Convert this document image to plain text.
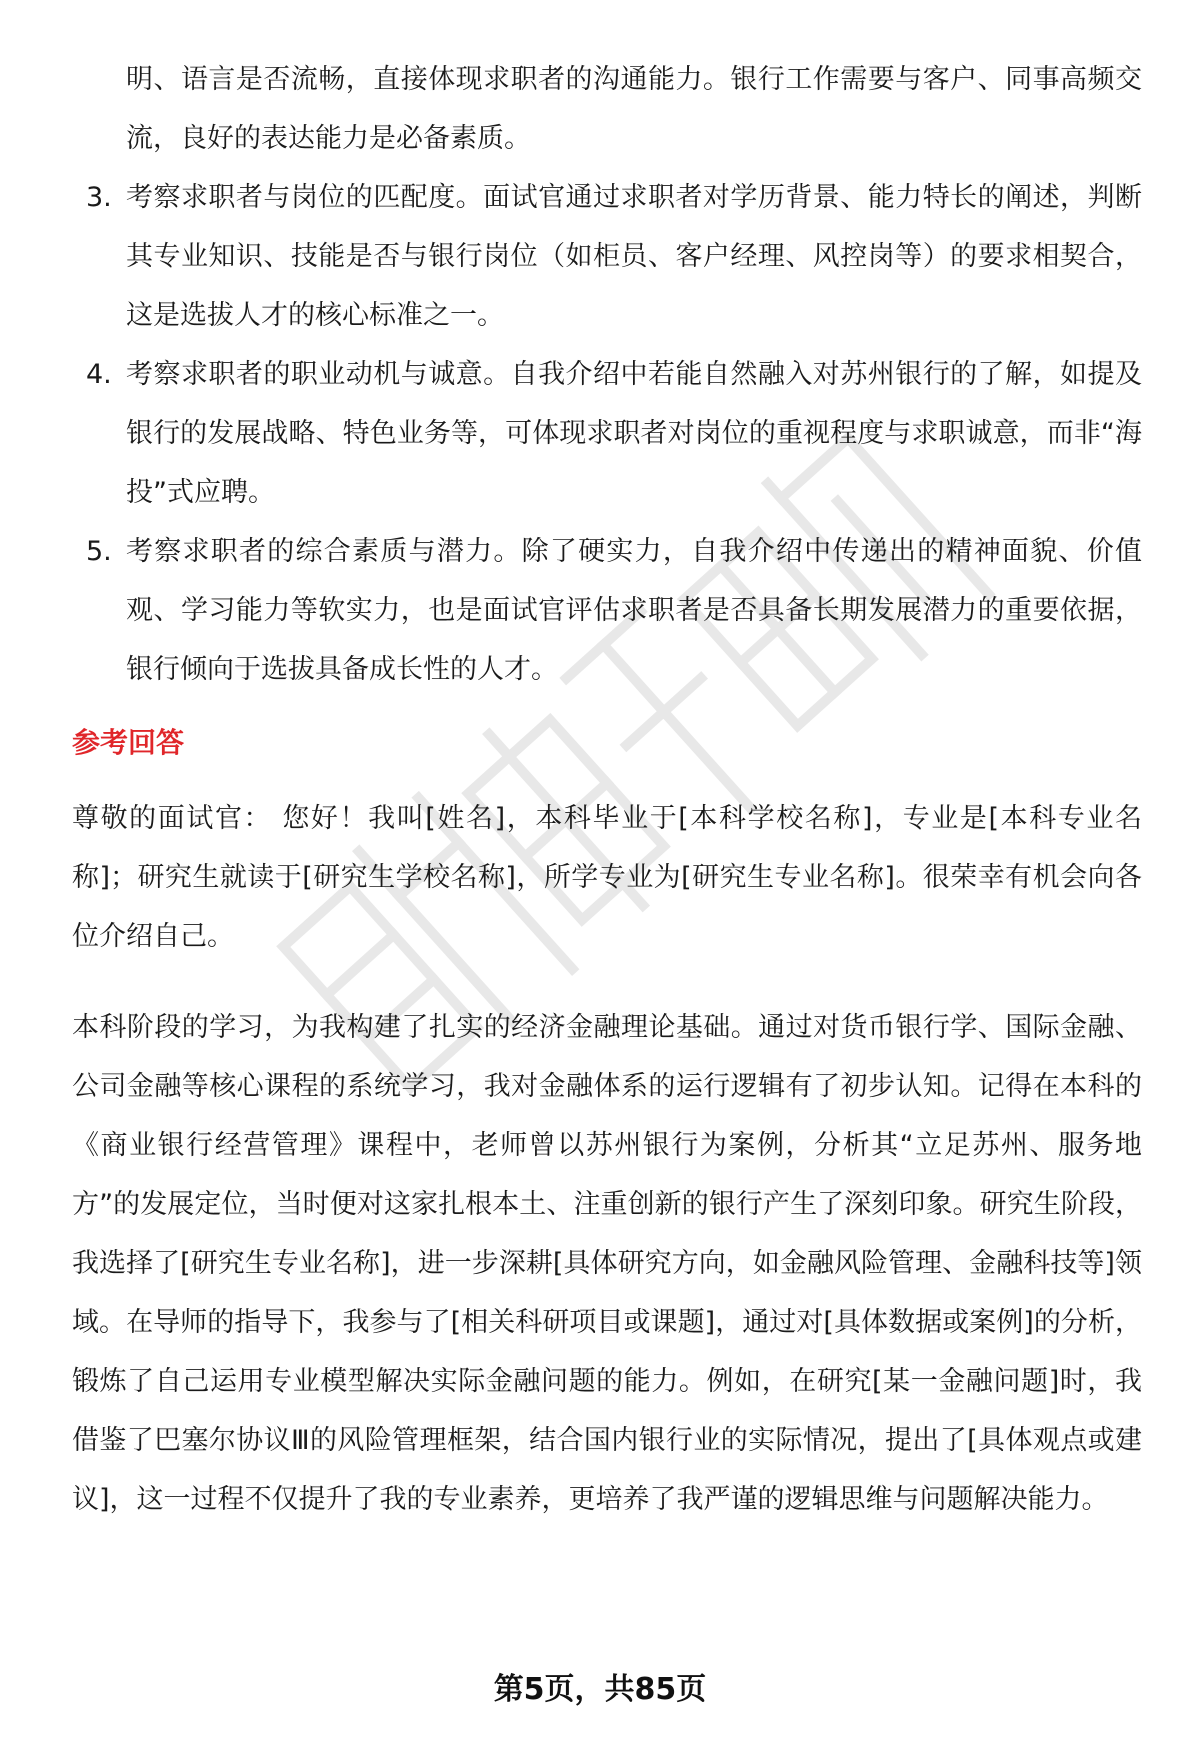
明、语言是否流畅，直接体现求职者的沟通能力。银行工作需要与客户、同事高频交流，良好的表达能力是必备素质。

3. 考察求职者与岗位的匹配度。面试官通过求职者对学历背景、能力特长的阐述，判断其专业知识、技能是否与银行岗位（如柜员、客户经理、风控岗等）的要求相契合，这是选拔人才的核心标准之一。
4. 考察求职者的职业动机与诚意。自我介绍中若能自然融入对苏州银行的了解，如提及银行的发展战略、特色业务等，可体现求职者对岗位的重视程度与求职诚意，而非“海投”式应聘。
5. 考察求职者的综合素质与潜力。除了硬实力，自我介绍中传递出的精神面貌、价值观、学习能力等软实力，也是面试官评估求职者是否具备长期发展潜力的重要依据，银行倾向于选拔具备成长性的人才。
参考回答

尊敬的面试官： 您好！我叫[姓名]，本科毕业于[本科学校名称]，专业是[本科专业名称]；研究生就读于[研究生学校名称]，所学专业为[研究生专业名称]。很荣幸有机会向各位介绍自己。

本科阶段的学习，为我构建了扎实的经济金融理论基础。通过对货币银行学、国际金融、公司金融等核心课程的系统学习，我对金融体系的运行逻辑有了初步认知。记得在本科的《商业银行经营管理》课程中，老师曾以苏州银行为案例，分析其“立足苏州、服务地方”的发展定位，当时便对这家扎根本土、注重创新的银行产生了深刻印象。研究生阶段，我选择了[研究生专业名称]，进一步深耕[具体研究方向，如金融风险管理、金融科技等]领域。在导师的指导下，我参与了[相关科研项目或课题]，通过对[具体数据或案例]的分析，锻炼了自己运用专业模型解决实际金融问题的能力。例如，在研究[某一金融问题]时，我借鉴了巴塞尔协议Ⅲ的风险管理框架，结合国内银行业的实际情况，提出了[具体观点或建议]，这一过程不仅提升了我的专业素养，更培养了我严谨的逻辑思维与问题解决能力。

第5页，共85页
